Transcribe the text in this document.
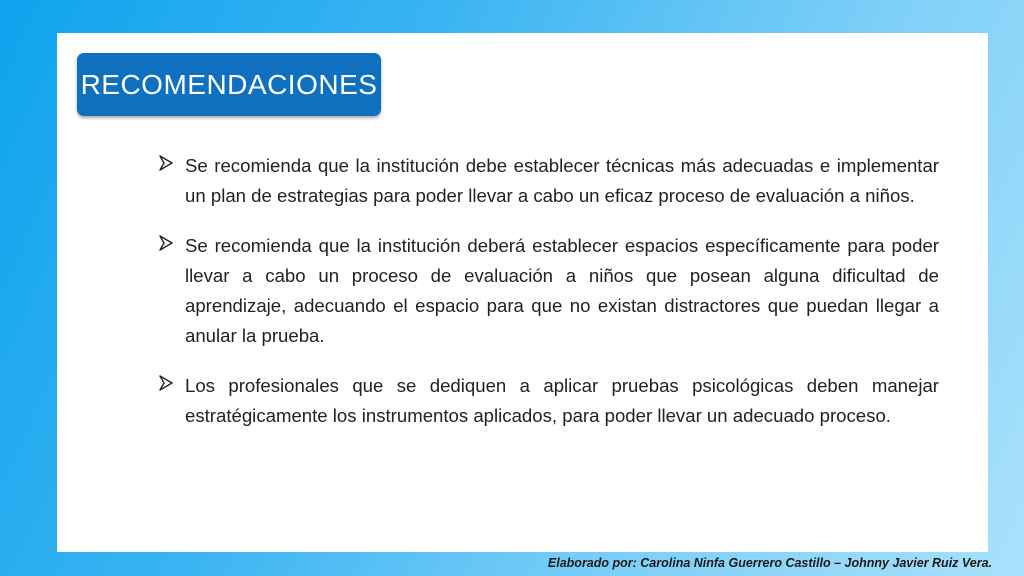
RECOMENDACIONES
Se recomienda que la institución debe establecer técnicas más adecuadas e implementar un plan de estrategias para poder llevar a cabo un eficaz proceso de evaluación a niños.
Se recomienda que la institución deberá establecer espacios específicamente para poder llevar a cabo un proceso de evaluación a niños que posean alguna dificultad de aprendizaje, adecuando el espacio para que no existan distractores que puedan llegar a anular la prueba.
Los profesionales que se dediquen a aplicar pruebas psicológicas deben manejar estratégicamente los instrumentos aplicados, para poder llevar un adecuado proceso.
Elaborado por: Carolina Ninfa Guerrero Castillo – Johnny Javier Ruiz Vera.
